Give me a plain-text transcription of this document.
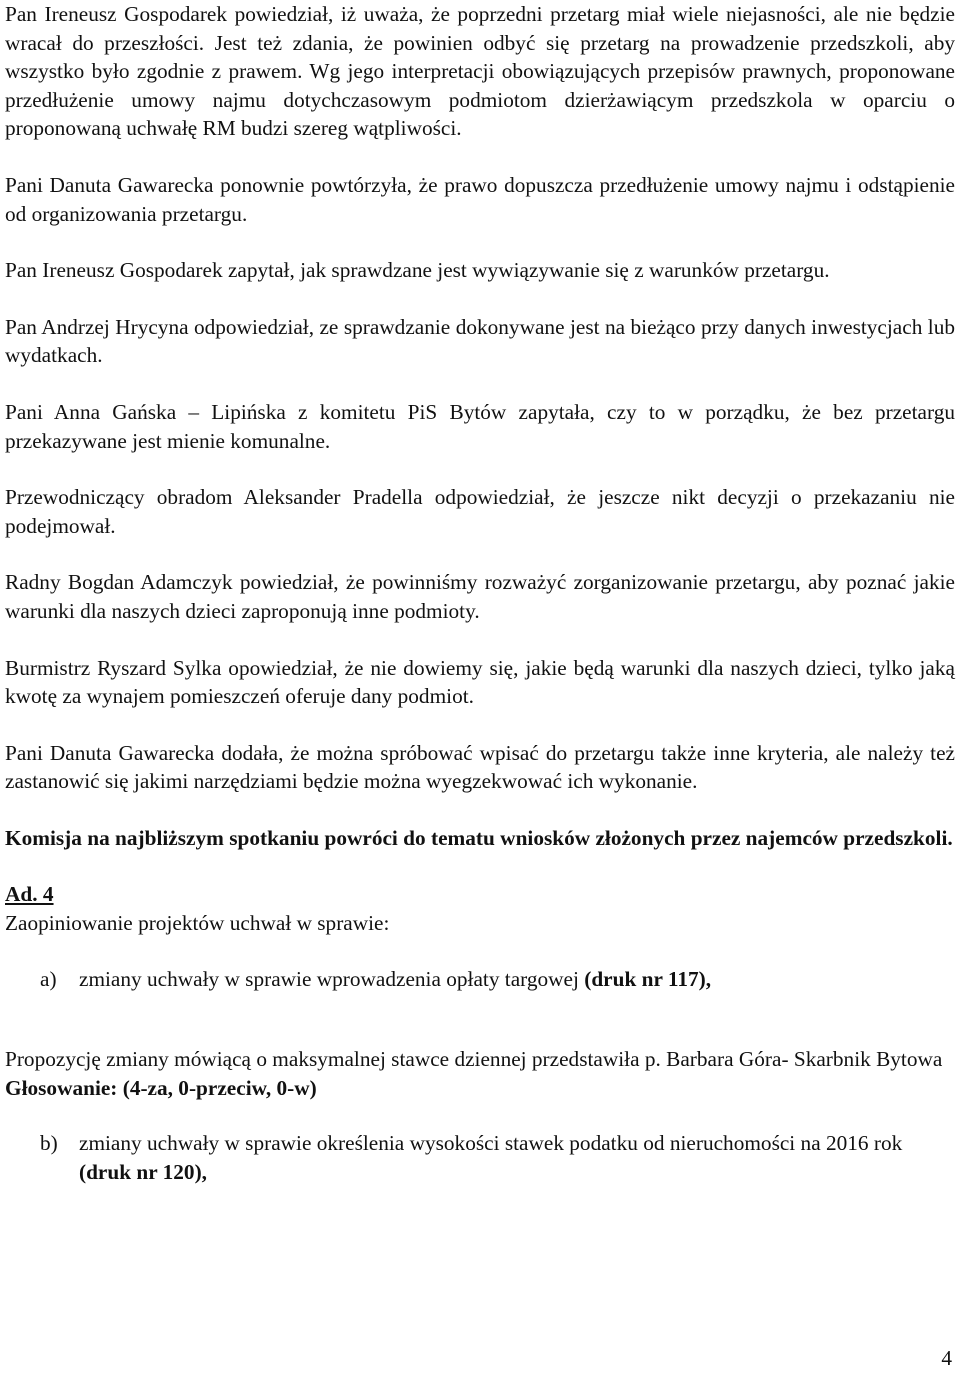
Pan Ireneusz Gospodarek powiedział, iż uważa, że poprzedni przetarg miał wiele niejasności, ale nie będzie wracał do przeszłości. Jest też zdania, że powinien odbyć się przetarg na prowadzenie przedszkoli, aby wszystko było zgodnie z prawem. Wg jego interpretacji obowiązujących przepisów prawnych, proponowane przedłużenie umowy najmu dotychczasowym podmiotom dzierżawiącym przedszkola w oparciu o proponowaną uchwałę RM budzi szereg wątpliwości.

Pani Danuta Gawarecka ponownie powtórzyła, że prawo dopuszcza przedłużenie umowy najmu i odstąpienie od organizowania przetargu.

Pan Ireneusz Gospodarek zapytał, jak sprawdzane jest wywiązywanie się z warunków przetargu.

Pan Andrzej Hrycyna odpowiedział, ze sprawdzanie dokonywane jest na bieżąco przy danych inwestycjach lub wydatkach.

Pani Anna Gańska – Lipińska z komitetu PiS Bytów zapytała, czy to w porządku, że bez przetargu przekazywane jest mienie komunalne.

Przewodniczący obradom Aleksander Pradella odpowiedział, że jeszcze nikt decyzji o przekazaniu nie podejmował.

Radny Bogdan Adamczyk powiedział, że powinniśmy rozważyć zorganizowanie przetargu, aby poznać jakie warunki dla naszych dzieci zaproponują inne podmioty.

Burmistrz Ryszard Sylka opowiedział, że nie dowiemy się, jakie będą warunki dla naszych dzieci, tylko jaką kwotę za wynajem pomieszczeń oferuje dany podmiot.

Pani Danuta Gawarecka dodała, że można spróbować wpisać do przetargu także inne kryteria, ale należy też zastanowić się jakimi narzędziami będzie można wyegzekwować ich wykonanie.

Komisja na najbliższym spotkaniu powróci do tematu wniosków złożonych przez najemców przedszkoli.

Ad. 4

Zaopiniowanie projektów uchwał w sprawie:

a) zmiany uchwały w sprawie wprowadzenia opłaty targowej (druk nr 117),

Propozycję zmiany mówiącą o maksymalnej stawce dziennej przedstawiła p. Barbara Góra- Skarbnik Bytowa

Głosowanie: (4-za, 0-przeciw, 0-w)

b) zmiany uchwały w sprawie określenia wysokości stawek podatku od nieruchomości na 2016 rok (druk nr 120),

4
